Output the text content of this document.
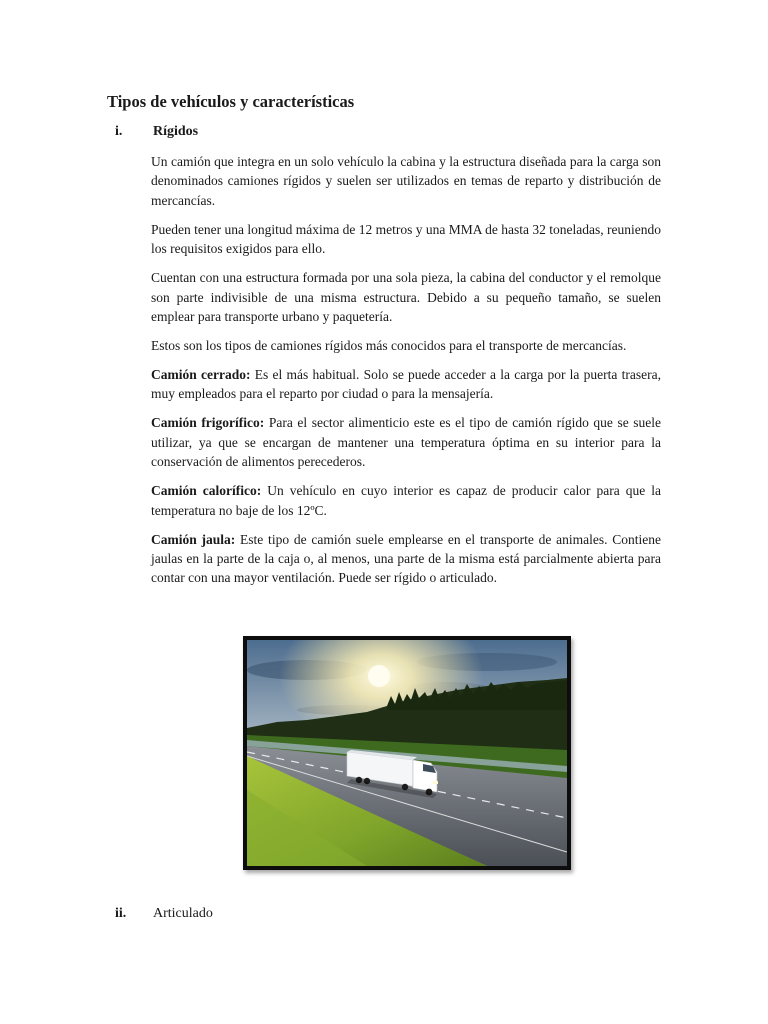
Tipos de vehículos y características
i. Rígidos

Un camión que integra en un solo vehículo la cabina y la estructura diseñada para la carga son denominados camiones rígidos y suelen ser utilizados en temas de reparto y distribución de mercancías.

Pueden tener una longitud máxima de 12 metros y una MMA de hasta 32 toneladas, reuniendo los requisitos exigidos para ello.

Cuentan con una estructura formada por una sola pieza, la cabina del conductor y el remolque son parte indivisible de una misma estructura. Debido a su pequeño tamaño, se suelen emplear para transporte urbano y paquetería.

Estos son los tipos de camiones rígidos más conocidos para el transporte de mercancías.

Camión cerrado: Es el más habitual. Solo se puede acceder a la carga por la puerta trasera, muy empleados para el reparto por ciudad o para la mensajería.

Camión frigorífico: Para el sector alimenticio este es el tipo de camión rígido que se suele utilizar, ya que se encargan de mantener una temperatura óptima en su interior para la conservación de alimentos perecederos.

Camión calorífico: Un vehículo en cuyo interior es capaz de producir calor para que la temperatura no baje de los 12ºC.

Camión jaula: Este tipo de camión suele emplearse en el transporte de animales. Contiene jaulas en la parte de la caja o, al menos, una parte de la misma está parcialmente abierta para contar con una mayor ventilación. Puede ser rígido o articulado.

ii. Articulado
